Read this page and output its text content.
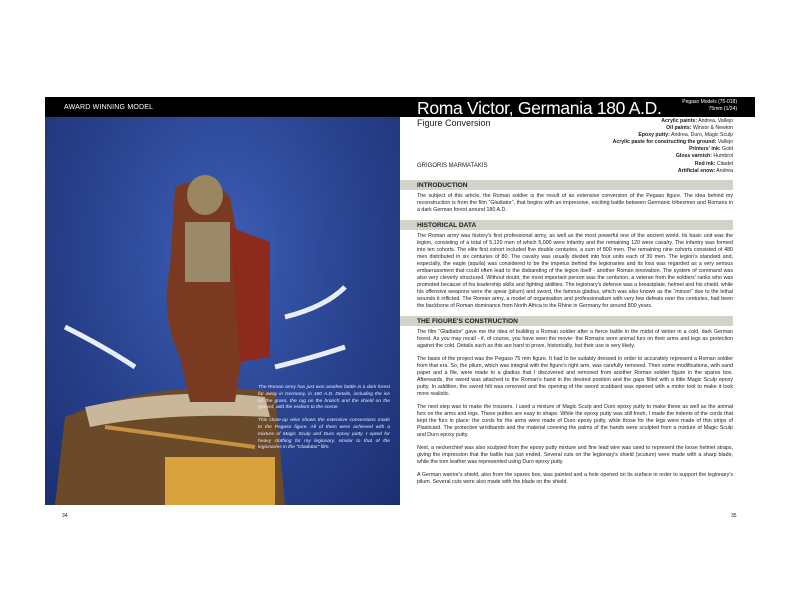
AWARD WINNING MODEL	Roma Victor, Germania 180 A.D.	Pegaso Models (75-018)
75mm (1/24)

The Roman army has just won another battle in a dark forest far away in Germany, in 180 A.D. Details, including the ice on the grass, the rug on the branch and the shield on the ground, add the realism to the scene.

This close-up view shows the extensive conversions made to the Pegaso figure. All of them were achieved with a mixture of Magic Sculp and Duro epoxy putty. I opted for heavy clothing for my legionary, similar to that of the legionaries in the “Gladiator” film.

34
Figure Conversion
GRIGORIS MARMATAKIS
Acrylic paints: Andrea, Vallejo
Oil paints: Winsor & Newton
Epoxy putty: Andrea, Duro, Magic Sculp
Acrylic paste for constructing the ground: Vallejo
Printers' ink: Gold
Gloss varnish: Humbrol
Red ink: Citadel
Artificial snow: Andrea
INTRODUCTION

The subject of this article, the Roman soldier is the result of an extensive conversion of the Pegaso figure. The idea behind my reconstruction is from the film “Gladiator”, that begins with an impressive, exciting battle between Germanic tribesmen and Romans in a dark German forest around 180 A.D.

HISTORICAL DATA

The Roman army was history's first professional army, as well as the most powerful one of the ancient world. Its basic unit was the legion, consisting of a total of 5,120 men of which 5,000 were infantry and the remaining 120 were cavalry. The infantry was formed into ten cohorts. The elite first cohort included five double centuries, a sum of 800 men. The remaining nine cohorts consisted of 480 men distributed in six centuries of 80. The cavalry was usually divided into four units each of 30 men. The legion's standard and, especially, the eagle (aquila) was considered to be the impetus behind the legionaries and its loss was regarded as a very serious embarrassment that could often lead to the disbanding of the legion itself - another Roman innovation. The system of command was also very cleverly structured. Without doubt, the most important person was the centurion, a veteran from the soldiers' ranks who was promoted because of his leadership skills and fighting abilities. The legionary's defense was a breastplate, helmet and his shield, while his offensive weapons were the spear (pilum) and sword, the famous gladius, which was also known as the “mincer” due to the lethal wounds it inflicted. The Roman army, a model of organisation and professionalism with very few defeats over the centuries, had been the backbone of Roman dominance from North Africa to the Rhine in Germany for around 800 years.

THE FIGURE'S CONSTRUCTION

The film “Gladiator” gave me the idea of building a Roman soldier after a fierce battle in the midst of winter in a cold, dark German forest. As you may recall - if, of course, you have seen the movie- the Romans wore animal furs on their arms and legs as protection against the cold. Details such as this are hard to prove, historically, but their use is very likely.

The basis of the project was the Pegaso 75 mm figure. It had to be suitably dressed in order to accurately represent a Roman soldier from that era. So, the pilum, which was integral with the figure's right arm, was carefully removed. Then some modifications, with sand paper and a file, were made to a gladius that I discovered and removed from another Roman soldier figure in the spares box. Afterwards, the sword was attached to the Roman's hand in the desired position and the gaps filled with a little Magic Sculp epoxy putty. In addition, the sword hilt was removed and the opening of the sword scabbard was opened with a motor tool to make it look more realistic.

The next step was to make the trousers. I used a mixture of Magic Sculp and Duro epoxy putty to make these as well as the animal furs on the arms and legs. These putties are easy to shape. While the epoxy putty was still fresh, I made the indents of the cords that kept the furs in place: the cords for the arms were made of Duro epoxy putty, while those for the legs were made of thin strips of Plasticard. The protective wristbands and the material covering the palms of the hands were sculpted from a mixture of Magic Sculp and Duro epoxy putty.

Next, a neckerchief was also sculpted from the epoxy putty mixture and fine lead wire was used to represent the loose helmet straps, giving the impression that the battle has just ended. Several cuts on the legionary's shield (scutum) were made with a sharp blade, while the torn leather was represented using Duro epoxy putty.

A German warrior's shield, also from the spares box, was painted and a hole opened on its surface in order to support the legionary's pilum. Several cuts were also made with the blade on the shield.

35
